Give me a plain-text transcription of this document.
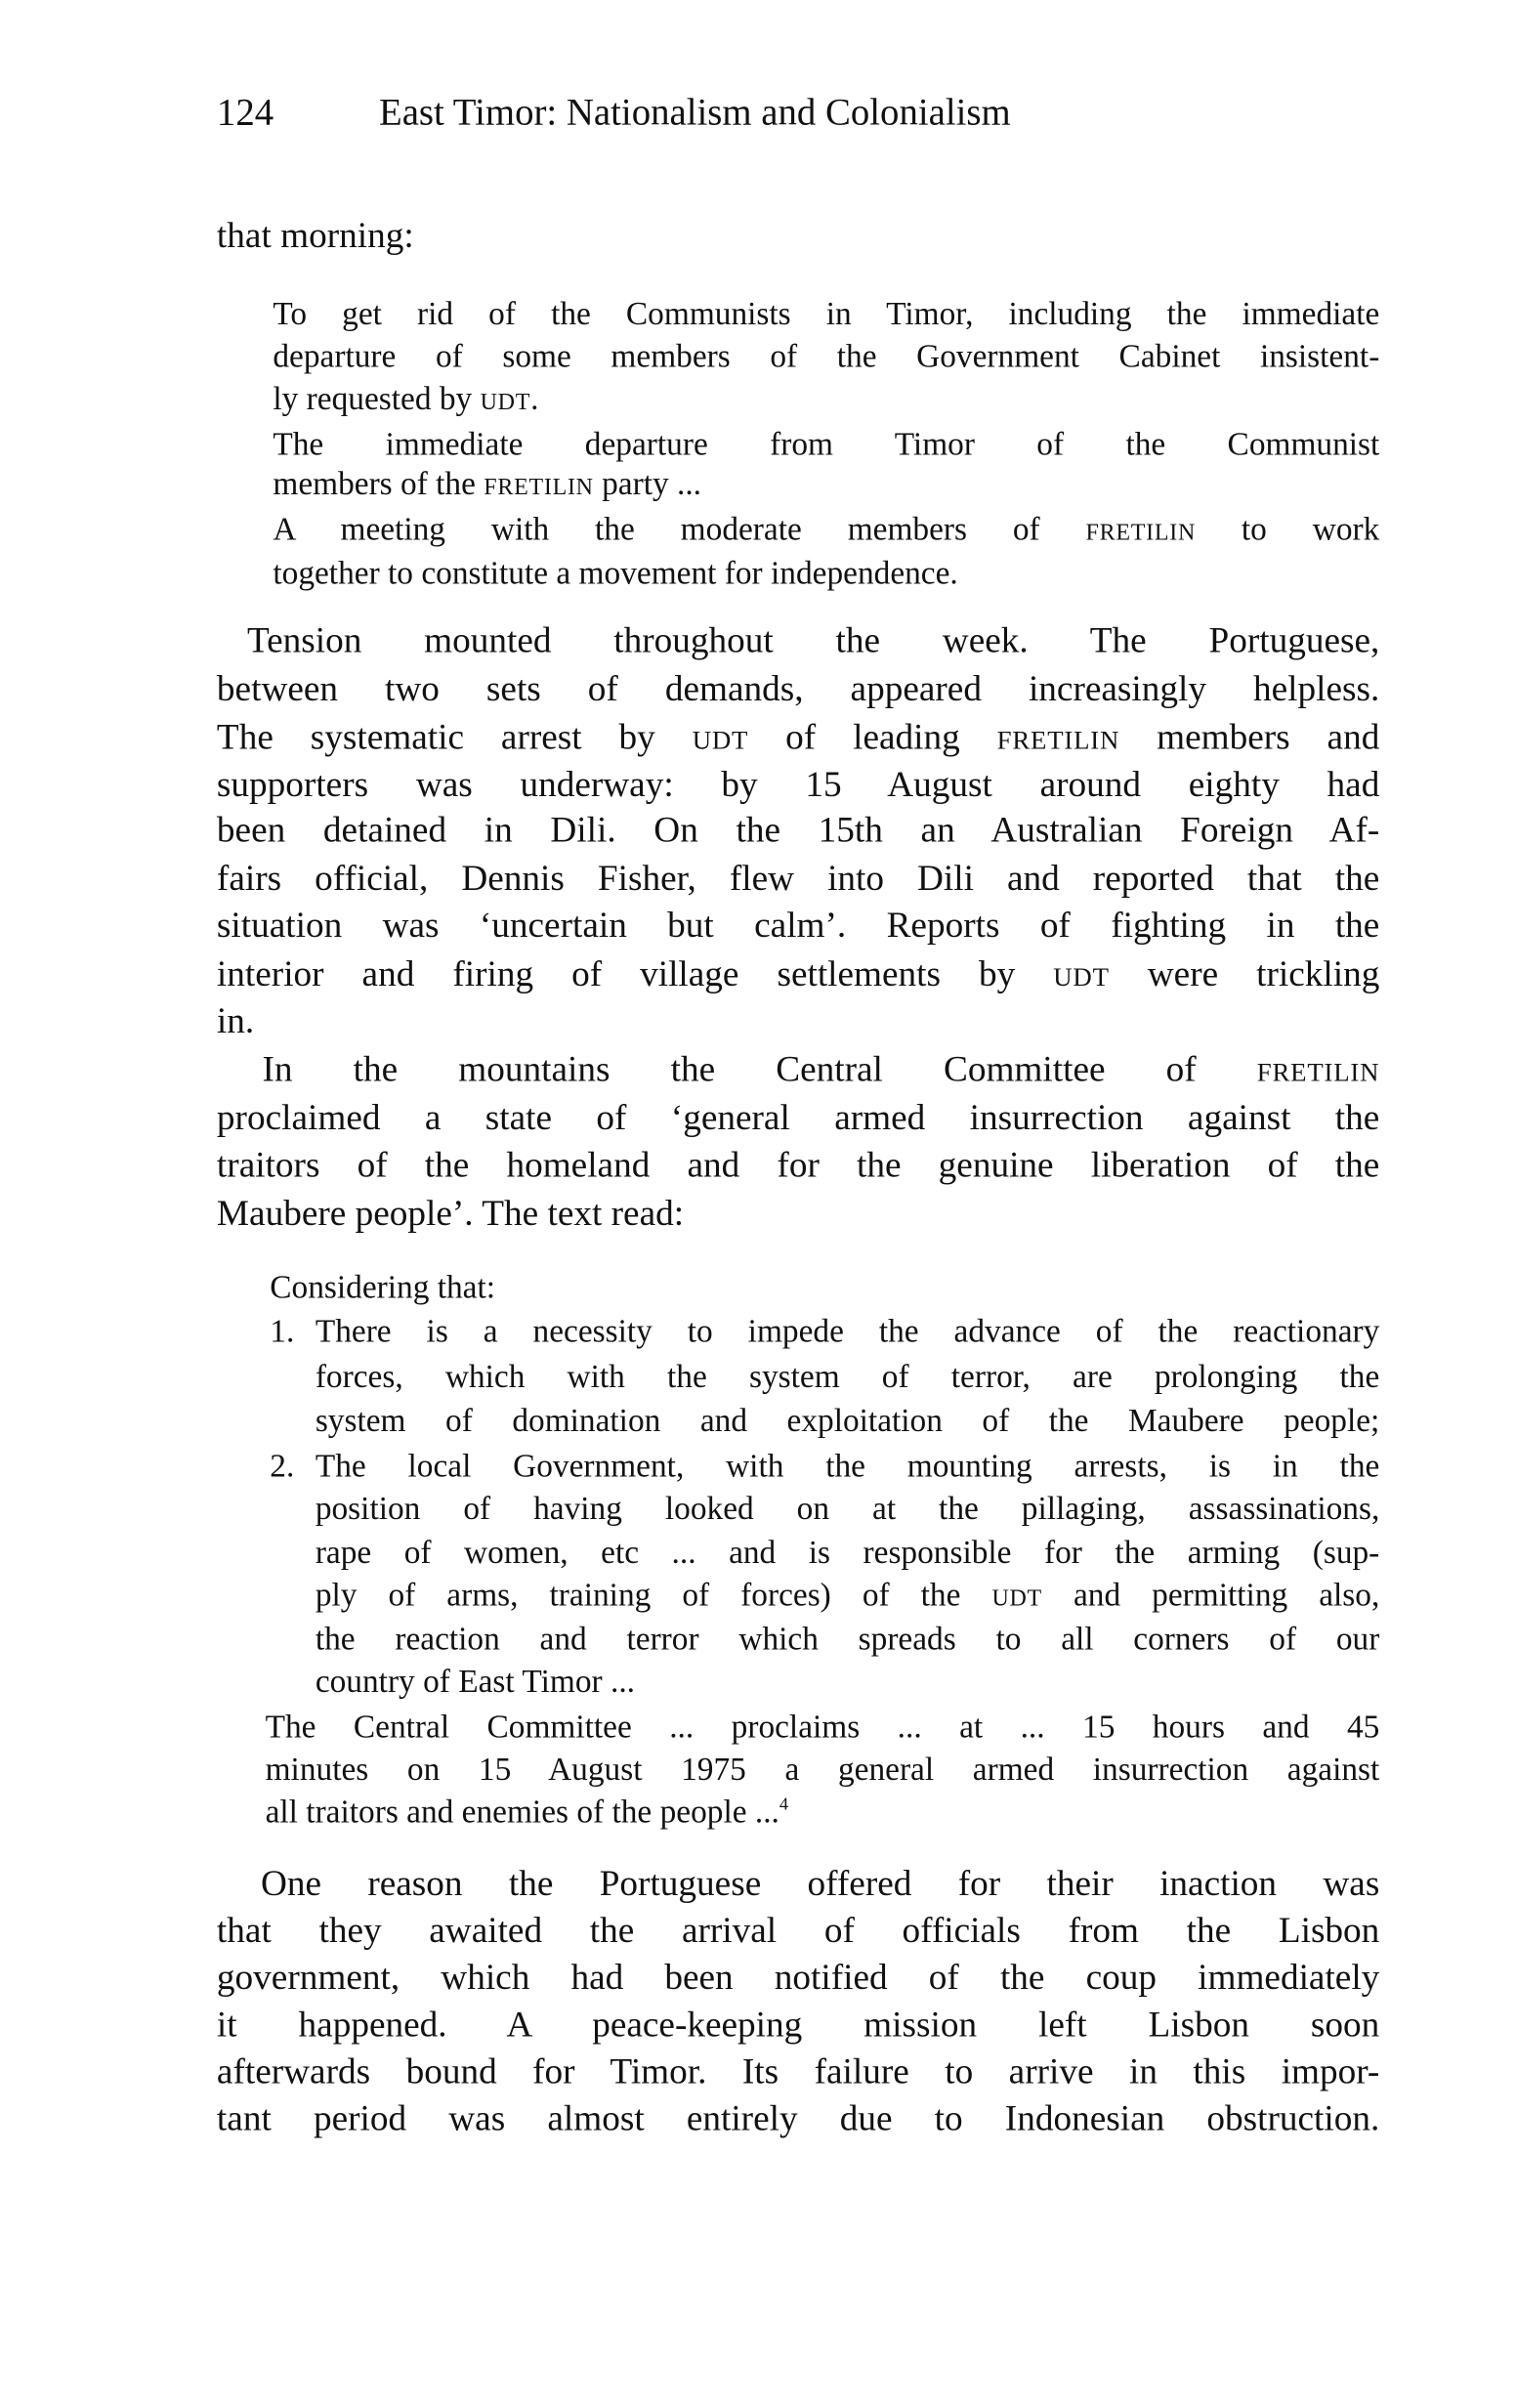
124	East Timor: Nationalism and Colonialism
that morning:
To get rid of the Communists in Timor, including the immediate
departure of some members of the Government Cabinet insistent-
ly requested by UDT.
The immediate departure from Timor of the Communist
members of the FRETILIN party ...
A meeting with the moderate members of FRETILIN to work
together to constitute a movement for independence.
Tension mounted throughout the week. The Portuguese,
between two sets of demands, appeared increasingly helpless.
The systematic arrest by UDT of leading FRETILIN members and
supporters was underway: by 15 August around eighty had
been detained in Dili. On the 15th an Australian Foreign Af-
fairs official, Dennis Fisher, flew into Dili and reported that the
situation was ‘uncertain but calm’. Reports of fighting in the
interior and firing of village settlements by UDT were trickling
in.
In the mountains the Central Committee of FRETILIN
proclaimed a state of ‘general armed insurrection against the
traitors of the homeland and for the genuine liberation of the
Maubere people’. The text read:
Considering that:
There is a necessity to impede the advance of the reactionary
1.
forces, which with the system of terror, are prolonging the
system of domination and exploitation of the Maubere people;
The local Government, with the mounting arrests, is in the
2.
position of having looked on at the pillaging, assassinations,
rape of women, etc ... and is responsible for the arming (sup-
ply of arms, training of forces) of the UDT and permitting also,
the reaction and terror which spreads to all corners of our
country of East Timor ...
The Central Committee ... proclaims ... at ... 15 hours and 45
minutes on 15 August 1975 a general armed insurrection against
all traitors and enemies of the people ...$^4$
One reason the Portuguese offered for their inaction was
that they awaited the arrival of officials from the Lisbon
government, which had been notified of the coup immediately
it happened. A peace-keeping mission left Lisbon soon
afterwards bound for Timor. Its failure to arrive in this impor-
tant period was almost entirely due to Indonesian obstruction.
